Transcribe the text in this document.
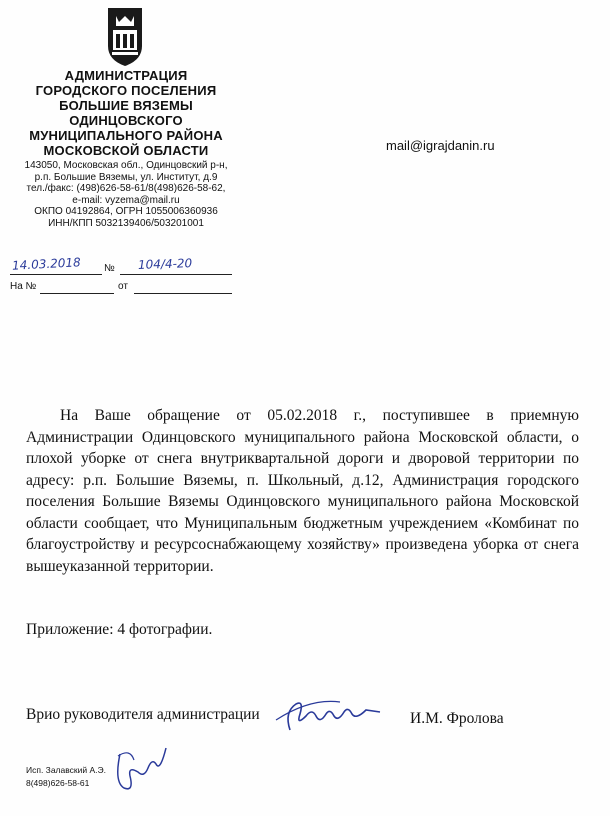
АДМИНИСТРАЦИЯ
ГОРОДСКОГО ПОСЕЛЕНИЯ
БОЛЬШИЕ ВЯЗЕМЫ
ОДИНЦОВСКОГО
МУНИЦИПАЛЬНОГО РАЙОНА
МОСКОВСКОЙ ОБЛАСТИ
143050, Московская обл., Одинцовский р-н,
р.п. Большие Вяземы, ул. Институт, д.9
тел./факс: (498)626-58-61/8(498)626-58-62,
e-mail: vyzema@mail.ru
ОКПО 04192864, ОГРН 1055006360936
ИНН/КПП 5032139406/503201001
mail@igrajdanin.ru
14.03.2018 № 104/4-20
На №	от

На Ваше обращение от 05.02.2018 г., поступившее в приемную Администрации Одинцовского муниципального района Московской области, о плохой уборке от снега внутриквартальной дороги и дворовой территории по адресу: р.п. Большие Вяземы, п. Школьный, д.12, Администрация городского поселения Большие Вяземы Одинцовского муниципального района Московской области сообщает, что Муниципальным бюджетным учреждением «Комбинат по благоустройству и ресурсоснабжающему хозяйству» произведена уборка от снега вышеуказанной территории.

Приложение: 4 фотографии.
Врио руководителя администрации	И.М. Фролова
Исп. Залавский А.Э.
8(498)626-58-61
